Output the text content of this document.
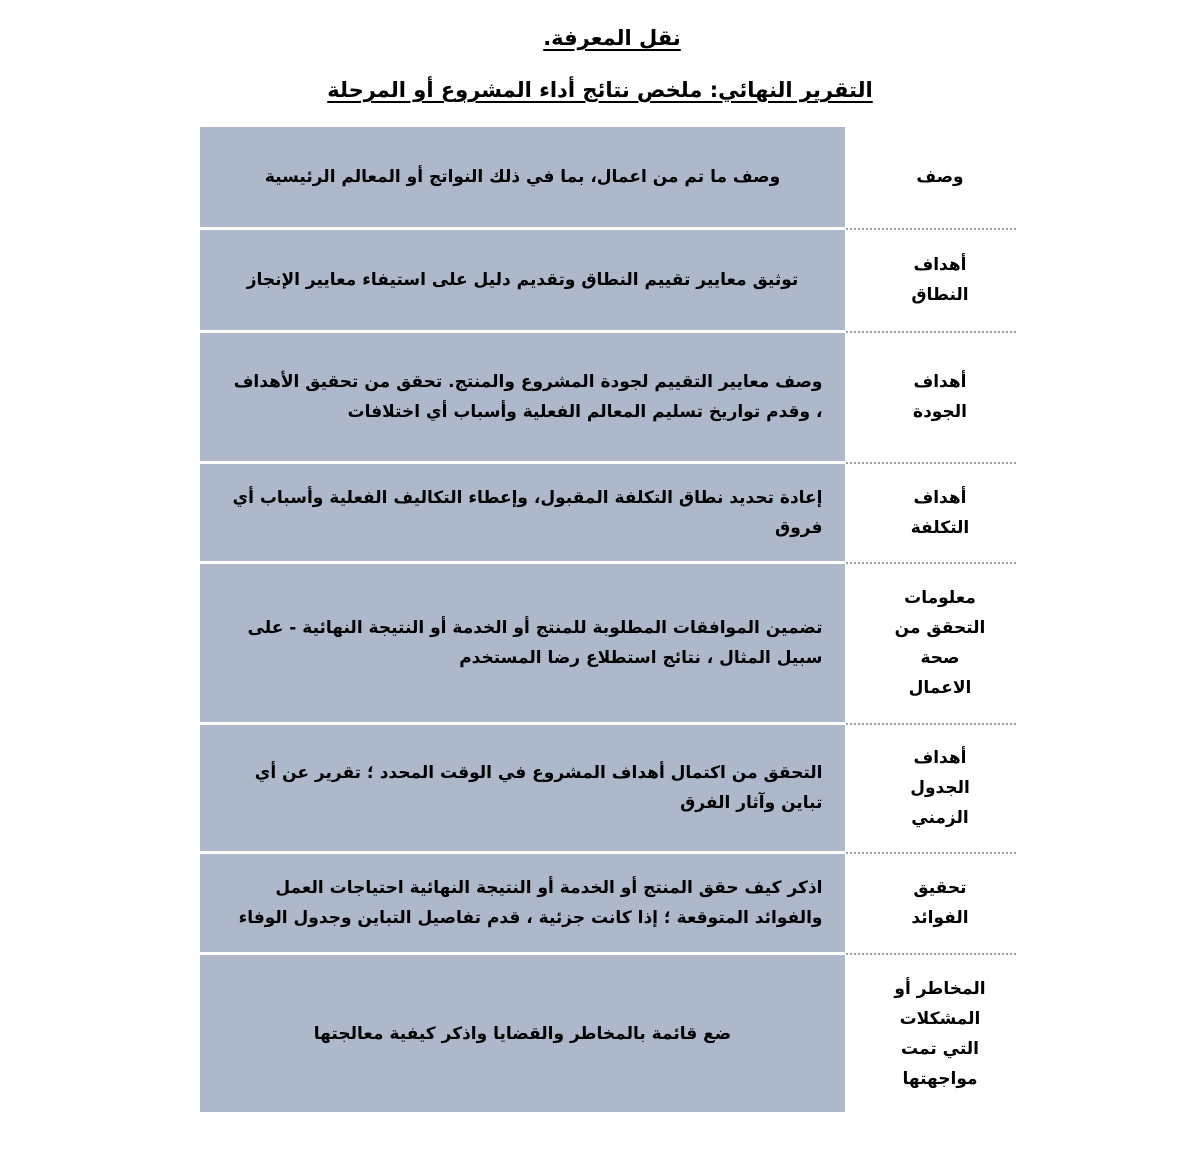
نقل المعرفة.
التقرير النهائي: ملخص نتائج أداء المشروع أو المرحلة
وصف ما تم من اعمال، بما في ذلك النواتج أو المعالم الرئيسية	وصف
توثيق معايير تقييم النطاق وتقديم دليل على استيفاء معايير الإنجاز
أهداف النطاق
وصف معايير التقييم لجودة المشروع والمنتج. تحقق من تحقيق الأهداف ، وقدم تواريخ تسليم المعالم الفعلية وأسباب أي اختلافات
أهداف الجودة
إعادة تحديد نطاق التكلفة المقبول، وإعطاء التكاليف الفعلية وأسباب أي فروق
أهداف التكلفة
تضمين الموافقات المطلوبة للمنتج أو الخدمة أو النتيجة النهائية - على سبيل المثال ، نتائج استطلاع رضا المستخدم
معلومات التحقق من صحة الاعمال
التحقق من اكتمال أهداف المشروع في الوقت المحدد ؛ تقرير عن أي تباين وآثار الفرق
أهداف الجدول الزمني
اذكر كيف حقق المنتج أو الخدمة أو النتيجة النهائية احتياجات العمل والفوائد المتوقعة ؛ إذا كانت جزئية ، قدم تفاصيل التباين وجدول الوفاء
تحقيق الفوائد
ضع قائمة بالمخاطر والقضايا واذكر كيفية معالجتها
المخاطر أو المشكلات التي تمت مواجهتها
